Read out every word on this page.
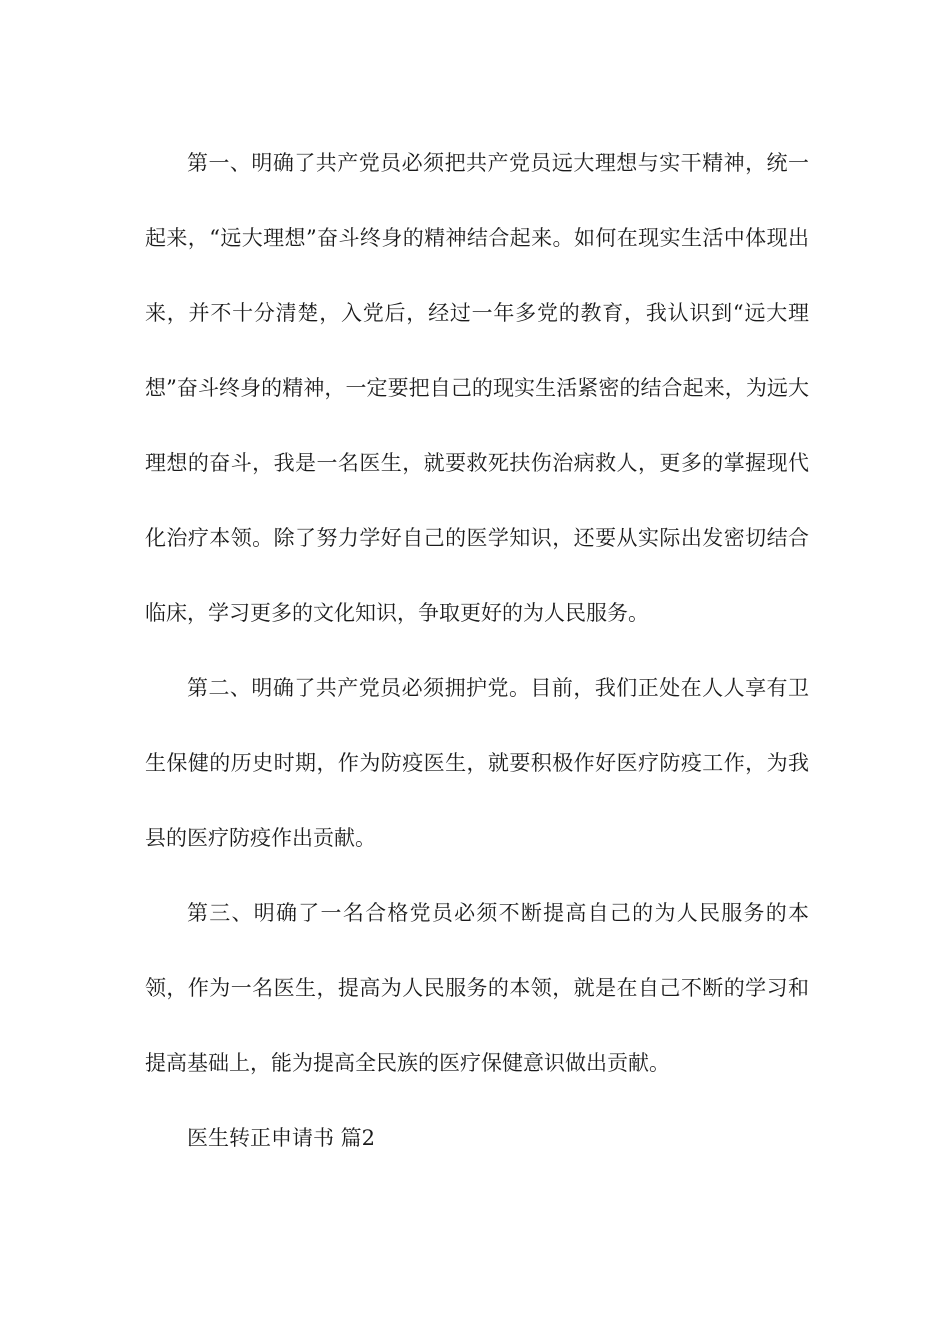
第一、明确了共产党员必须把共产党员远大理想与实干精神，统一起来，“远大理想”奋斗终身的精神结合起来。如何在现实生活中体现出来，并不十分清楚，入党后，经过一年多党的教育，我认识到“远大理想”奋斗终身的精神，一定要把自己的现实生活紧密的结合起来，为远大理想的奋斗，我是一名医生，就要救死扶伤治病救人，更多的掌握现代化治疗本领。除了努力学好自己的医学知识，还要从实际出发密切结合临床，学习更多的文化知识，争取更好的为人民服务。

第二、明确了共产党员必须拥护党。目前，我们正处在人人享有卫生保健的历史时期，作为防疫医生，就要积极作好医疗防疫工作，为我县的医疗防疫作出贡献。

第三、明确了一名合格党员必须不断提高自己的为人民服务的本领，作为一名医生，提高为人民服务的本领，就是在自己不断的学习和提高基础上，能为提高全民族的医疗保健意识做出贡献。

医生转正申请书 篇2
